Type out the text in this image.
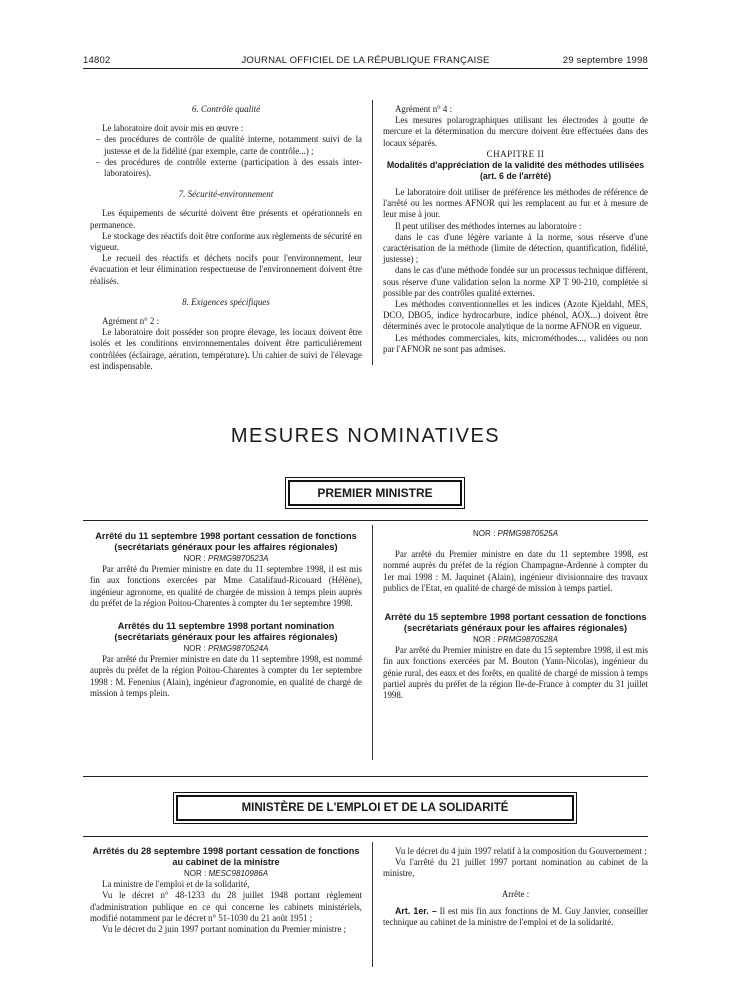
14802	JOURNAL OFFICIEL DE LA RÉPUBLIQUE FRANÇAISE	29 septembre 1998

6. Contrôle qualité

Le laboratoire doit avoir mis en œuvre :

– des procédures de contrôle de qualité interne, notamment suivi de la justesse et de la fidélité (par exemple, carte de contrôle...) ;

– des procédures de contrôle externe (participation à des essais inter-laboratoires).

7. Sécurité-environnement

Les équipements de sécurité doivent être présents et opérationnels en permanence.

Le stockage des réactifs doit être conforme aux règlements de sécurité en vigueur.

Le recueil des réactifs et déchets nocifs pour l'environnement, leur évacuation et leur élimination respectueuse de l'environnement doivent être réalisés.

8. Exigences spécifiques

Agrément n° 2 :

Le laboratoire doit posséder son propre élevage, les locaux doivent être isolés et les conditions environnementales doivent être particulièrement contrôlées (éclairage, aération, température). Un cahier de suivi de l'élevage est indispensable.

Agrément n° 4 :

Les mesures polarographiques utilisant les électrodes à goutte de mercure et la détermination du mercure doivent être effectuées dans des locaux séparés.

CHAPITRE II

Modalités d'appréciation de la validité des méthodes utilisées (art. 6 de l'arrêté)

Le laboratoire doit utiliser de préférence les méthodes de référence de l'arrêté ou les normes AFNOR qui les remplacent au fur et à mesure de leur mise à jour.

Il peut utiliser des méthodes internes au laboratoire :

dans le cas d'une légère variante à la norme, sous réserve d'une caractérisation de la méthode (limite de détection, quantification, fidélité, justesse) ;

dans le cas d'une méthode fondée sur un processus technique différent, sous réserve d'une validation selon la norme XP T 90-210, complétée si possible par des contrôles qualité externes.

Les méthodes conventionnelles et les indices (Azote Kjeldahl, MES, DCO, DBO5, indice hydrocarbure, indice phénol, AOX...) doivent être déterminés avec le protocole analytique de la norme AFNOR en vigueur.

Les méthodes commerciales, kits, microméthodes..., validées ou non par l'AFNOR ne sont pas admises.

MESURES NOMINATIVES
PREMIER MINISTRE

Arrêté du 11 septembre 1998 portant cessation de fonctions (secrétariats généraux pour les affaires régionales)

NOR : PRMG9870523A

Par arrêté du Premier ministre en date du 11 septembre 1998, il est mis fin aux fonctions exercées par Mme Catalifaud-Ricouard (Hélène), ingénieur agronome, en qualité de chargée de mission à temps plein auprès du préfet de la région Poitou-Charentes à compter du 1er septembre 1998.

Arrêtés du 11 septembre 1998 portant nomination (secrétariats généraux pour les affaires régionales)

NOR : PRMG9870524A

Par arrêté du Premier ministre en date du 11 septembre 1998, est nommé auprès du préfet de la région Poitou-Charentes à compter du 1er septembre 1998 : M. Fenenius (Alain), ingénieur d'agronomie, en qualité de chargé de mission à temps plein.

NOR : PRMG9870525A

Par arrêté du Premier ministre en date du 11 septembre 1998, est nommé auprès du préfet de la région Champagne-Ardenne à compter du 1er mai 1998 : M. Jaquinet (Alain), ingénieur divisionnaire des travaux publics de l'Etat, en qualité de chargé de mission à temps partiel.

Arrêté du 15 septembre 1998 portant cessation de fonctions (secrétariats généraux pour les affaires régionales)

NOR : PRMG9870528A

Par arrêté du Premier ministre en date du 15 septembre 1998, il est mis fin aux fonctions exercées par M. Bouton (Yann-Nicolas), ingénieur du génie rural, des eaux et des forêts, en qualité de chargé de mission à temps partiel auprès du préfet de la région Ile-de-France à compter du 31 juillet 1998.

MINISTÈRE DE L'EMPLOI ET DE LA SOLIDARITÉ

Arrêtés du 28 septembre 1998 portant cessation de fonctions au cabinet de la ministre

NOR : MESC9810986A

La ministre de l'emploi et de la solidarité,

Vu le décret n° 48-1233 du 28 juillet 1948 portant règlement d'administration publique en ce qui concerne les cabinets ministériels, modifié notamment par le décret n° 51-1030 du 21 août 1951 ;

Vu le décret du 2 juin 1997 portant nomination du Premier ministre ;

Vu le décret du 4 juin 1997 relatif à la composition du Gouvernement ;

Vu l'arrêté du 21 juillet 1997 portant nomination au cabinet de la ministre,

Arrête :

Art. 1er. – Il est mis fin aux fonctions de M. Guy Janvier, conseiller technique au cabinet de la ministre de l'emploi et de la solidarité.
